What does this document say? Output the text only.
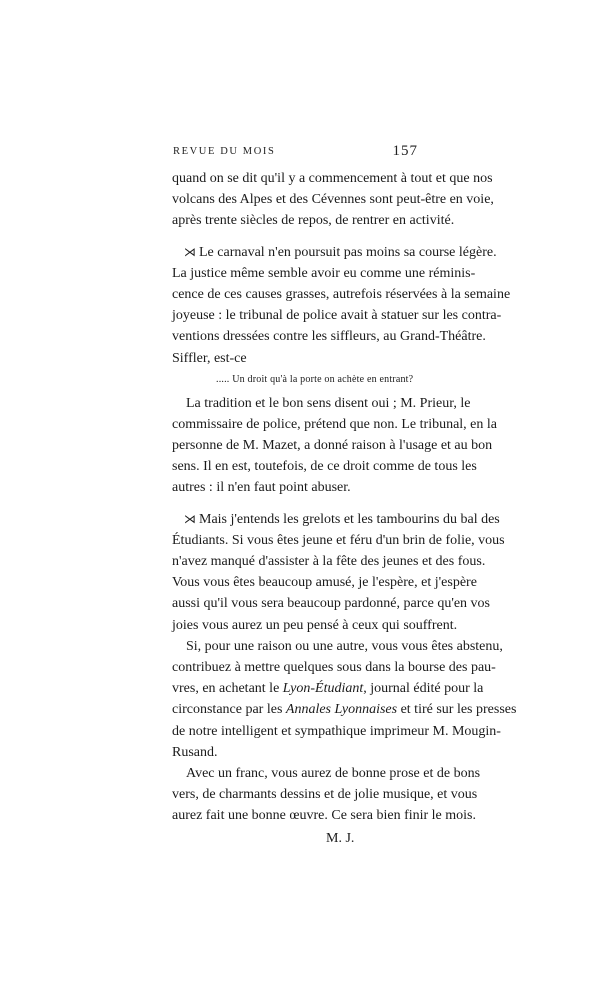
REVUE DU MOIS	157

quand on se dit qu'il y a commencement à tout et que nos
volcans des Alpes et des Cévennes sont peut-être en voie,
après trente siècles de repos, de rentrer en activité.

⋊ Le carnaval n'en poursuit pas moins sa course légère.
La justice même semble avoir eu comme une réminis-
cence de ces causes grasses, autrefois réservées à la semaine
joyeuse : le tribunal de police avait à statuer sur les contra-
ventions dressées contre les siffleurs, au Grand-Théâtre.
Siffler, est-ce

..... Un droit qu'à la porte on achète en entrant?

La tradition et le bon sens disent oui ; M. Prieur, le
commissaire de police, prétend que non. Le tribunal, en la
personne de M. Mazet, a donné raison à l'usage et au bon
sens. Il en est, toutefois, de ce droit comme de tous les
autres : il n'en faut point abuser.

⋊ Mais j'entends les grelots et les tambourins du bal des
Étudiants. Si vous êtes jeune et féru d'un brin de folie, vous
n'avez manqué d'assister à la fête des jeunes et des fous.
Vous vous êtes beaucoup amusé, je l'espère, et j'espère
aussi qu'il vous sera beaucoup pardonné, parce qu'en vos
joies vous aurez un peu pensé à ceux qui souffrent.

Si, pour une raison ou une autre, vous vous êtes abstenu,
contribuez à mettre quelques sous dans la bourse des pau-
vres, en achetant le Lyon-Étudiant, journal édité pour la
circonstance par les Annales Lyonnaises et tiré sur les presses
de notre intelligent et sympathique imprimeur M. Mougin-
Rusand.

Avec un franc, vous aurez de bonne prose et de bons
vers, de charmants dessins et de jolie musique, et vous
aurez fait une bonne œuvre. Ce sera bien finir le mois.

M. J.
